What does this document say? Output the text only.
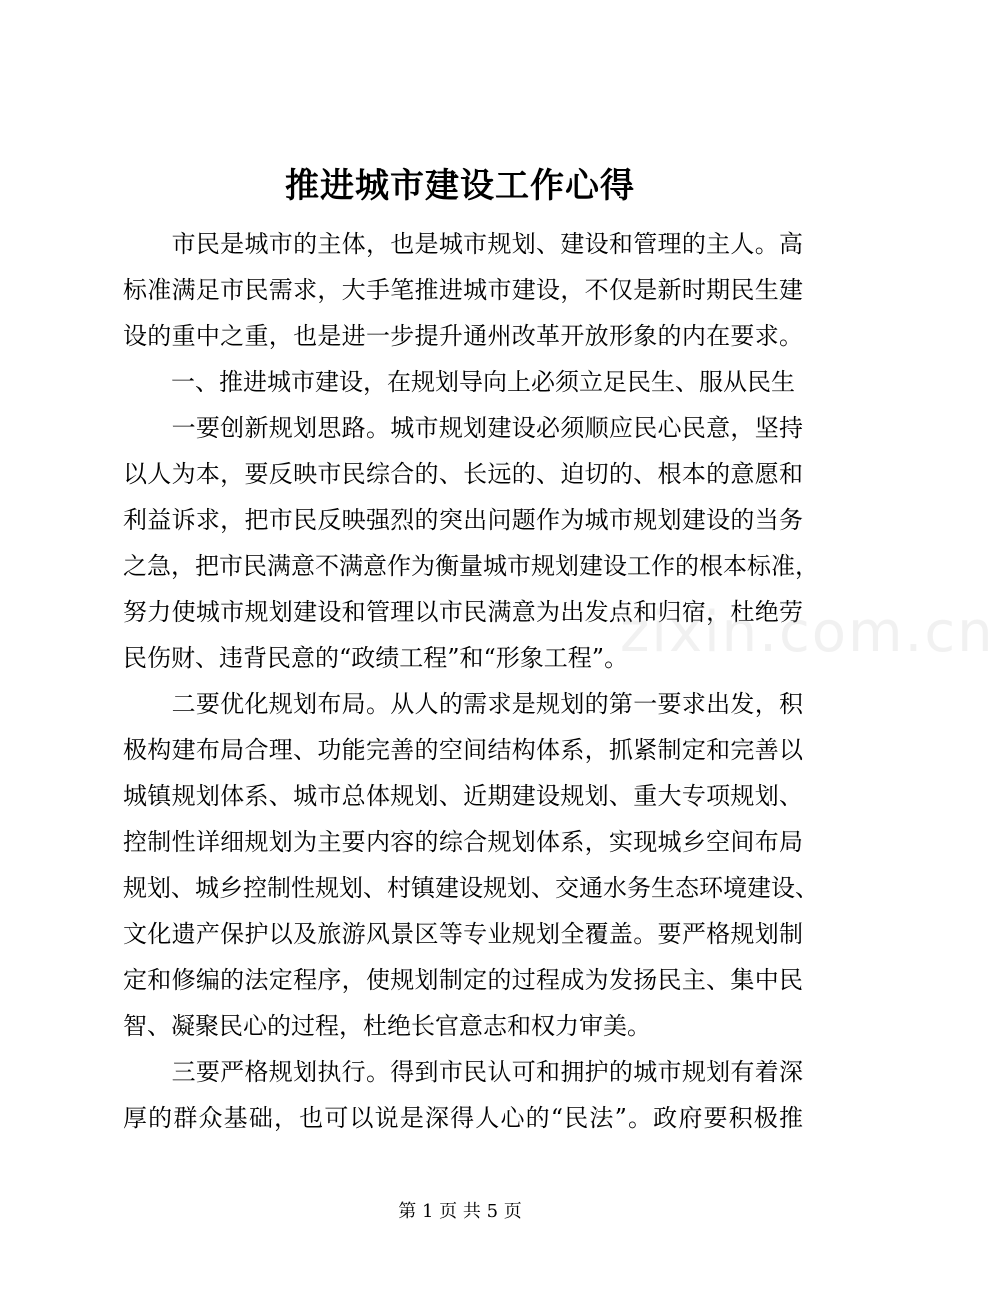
推进城市建设工作心得
　　市民是城市的主体，也是城市规划、建设和管理的主人。高
标准满足市民需求，大手笔推进城市建设，不仅是新时期民生建
设的重中之重，也是进一步提升通州改革开放形象的内在要求。
　　一、推进城市建设，在规划导向上必须立足民生、服从民生
　　一要创新规划思路。城市规划建设必须顺应民心民意，坚持
以人为本，要反映市民综合的、长远的、迫切的、根本的意愿和
利益诉求，把市民反映强烈的突出问题作为城市规划建设的当务
之急，把市民满意不满意作为衡量城市规划建设工作的根本标准，
努力使城市规划建设和管理以市民满意为出发点和归宿，杜绝劳
民伤财、违背民意的“政绩工程”和“形象工程”。
　　二要优化规划布局。从人的需求是规划的第一要求出发，积
极构建布局合理、功能完善的空间结构体系，抓紧制定和完善以
城镇规划体系、城市总体规划、近期建设规划、重大专项规划、
控制性详细规划为主要内容的综合规划体系，实现城乡空间布局
规划、城乡控制性规划、村镇建设规划、交通水务生态环境建设、
文化遗产保护以及旅游风景区等专业规划全覆盖。要严格规划制
定和修编的法定程序，使规划制定的过程成为发扬民主、集中民
智、凝聚民心的过程，杜绝长官意志和权力审美。
　　三要严格规划执行。得到市民认可和拥护的城市规划有着深
厚的群众基础，也可以说是深得人心的“民法”。政府要积极推
zixin.com.cn
第 1 页 共 5 页
